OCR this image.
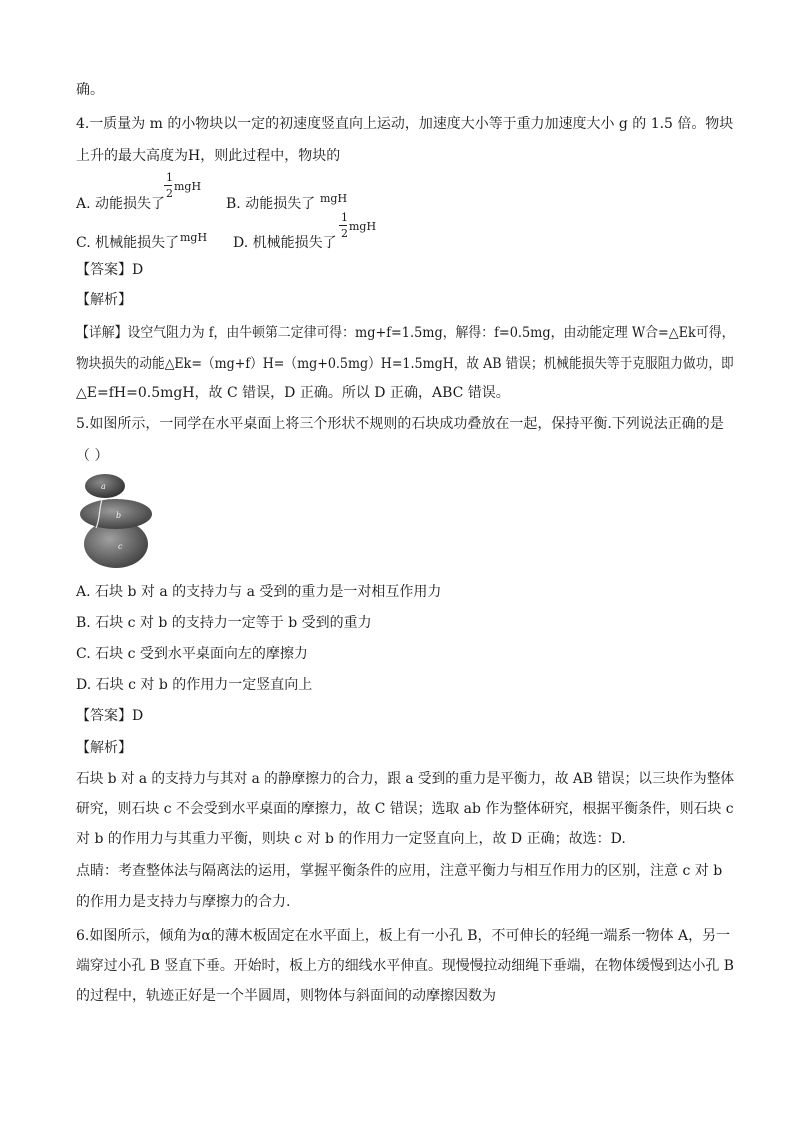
确。
4.一质量为 m 的小物块以一定的初速度竖直向上运动，加速度大小等于重力加速度大小 g 的 1.5 倍。物块
上升的最大高度为H，则此过程中，物块的
A. 动能损失了
1
2
mgH
B. 动能损失了 mgH
C. 机械能损失了 mgH D. 机械能损失了
1
2
mgH
【答案】D
【解析】
【详解】设空气阻力为 f，由牛顿第二定律可得：mg+f=1.5mg，解得：f=0.5mg，由动能定理 W合=△Ek可得，
物块损失的动能△Ek=（mg+f）H=（mg+0.5mg）H=1.5mgH，故 AB 错误；机械能损失等于克服阻力做功，即
△E=fH=0.5mgH，故 C 错误，D 正确。所以 D 正确，ABC 错误。
5.如图所示，一同学在水平桌面上将三个形状不规则的石块成功叠放在一起，保持平衡.下列说法正确的是
（ ）
a
b
c
A. 石块 b 对 a 的支持力与 a 受到的重力是一对相互作用力
B. 石块 c 对 b 的支持力一定等于 b 受到的重力
C. 石块 c 受到水平桌面向左的摩擦力
D. 石块 c 对 b 的作用力一定竖直向上
【答案】D
【解析】
石块 b 对 a 的支持力与其对 a 的静摩擦力的合力，跟 a 受到的重力是平衡力，故 AB 错误；以三块作为整体
研究，则石块 c 不会受到水平桌面的摩擦力，故 C 错误；选取 ab 作为整体研究，根据平衡条件，则石块 c
对 b 的作用力与其重力平衡，则块 c 对 b 的作用力一定竖直向上，故 D 正确；故选：D.
点睛：考查整体法与隔离法的运用，掌握平衡条件的应用，注意平衡力与相互作用力的区别，注意 c 对 b
的作用力是支持力与摩擦力的合力.
6.如图所示，倾角为α的薄木板固定在水平面上，板上有一小孔 B，不可伸长的轻绳一端系一物体 A，另一
端穿过小孔 B 竖直下垂。开始时，板上方的细线水平伸直。现慢慢拉动细绳下垂端，在物体缓慢到达小孔 B
的过程中，轨迹正好是一个半圆周，则物体与斜面间的动摩擦因数为
